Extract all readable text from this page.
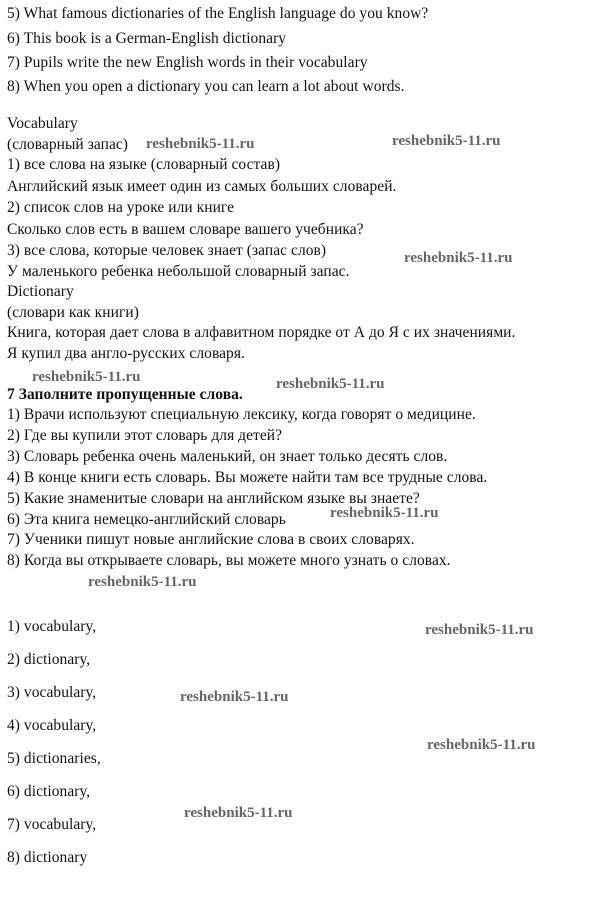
5) What famous dictionaries of the English language do you know?
6) This book is a German-English dictionary
7) Pupils write the new English words in their vocabulary
8) When you open a dictionary you can learn a lot about words.
Vocabulary
(словарный запас)
1) все слова на языке (словарный состав)
Английский язык имеет один из самых больших словарей.
2) список слов на уроке или книге
Сколько слов есть в вашем словаре вашего учебника?
3) все слова, которые человек знает (запас слов)
У маленького ребенка небольшой словарный запас.
Dictionary
(словари как книги)
Книга, которая дает слова в алфавитном порядке от А до Я с их значениями.
Я купил два англо-русских словаря.
7 Заполните пропущенные слова.
1) Врачи используют специальную лексику, когда говорят о медицине.
2) Где вы купили этот словарь для детей?
3) Словарь ребенка очень маленький, он знает только десять слов.
4) В конце книги есть словарь. Вы можете найти там все трудные слова.
5) Какие знаменитые словари на английском языке вы знаете?
6) Эта книга немецко-английский словарь
7) Ученики пишут новые английские слова в своих словарях.
8) Когда вы открываете словарь, вы можете много узнать о словах.
1) vocabulary,
2) dictionary,
3) vocabulary,
4) vocabulary,
5) dictionaries,
6) dictionary,
7) vocabulary,
8) dictionary
reshebnik5-11.ru	reshebnik5-11.ru
reshebnik5-11.ru
reshebnik5-11.ru	reshebnik5-11.ru
reshebnik5-11.ru
reshebnik5-11.ru
reshebnik5-11.ru
reshebnik5-11.ru
reshebnik5-11.ru
reshebnik5-11.ru
